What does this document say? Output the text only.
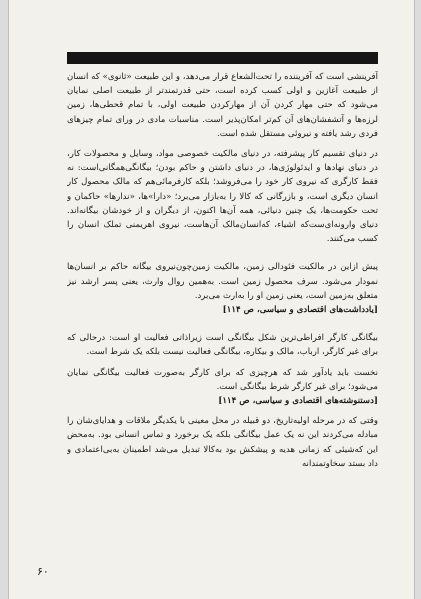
آفرینشی است که آفریننده را تحت‌الشعاع قرار می‌دهد، و این طبیعت «ثانوی» که انسان از طبیعت آغازین و اولی کسب کرده است، حتی قدرتمندتر از طبیعت اصلی نمایان می‌شود که حتی مهار کردن آن از مهارکردن طبیعت اولی، با تمام قحطی‌ها، زمین لرزه‌ها و آتشفشان‌های آن کم‌تر امکان‌پذیر است. مناسبات مادی در ورای تمام چیزهای فردی رشد یافته و نیروئی مستقل شده است.

در دنیای تقسیم کار پیشرفته، در دنیای مالکیت خصوصی مواد، وسایل و محصولات کار، در دنیای نهادها و ایدئولوژی‌ها، در دنیای داشتن و حاکم بودن؛ بیگانگی‌همگانی‌است: نه فقط کارگری که نیروی کار خود را می‌فروشد؛ بلکه کارفرمائی‌هم که مالک محصول کار انسان دیگری است، و بازرگانی که کالا را به‌بازار می‌برد؛ «دارا»ها، «ندارها» حاکمان و تحت حکومت‌ها، یک چنین دنیائی، همه آن‌ها اکنون، از دیگران و از خودشان بیگانه‌اند. دنیای وارونه‌ای‌ست‌که اشیاء، که‌انسان‌مالک آن‌هاست، نیروی اهریمنی تملک انسان را کسب می‌کنند.

پیش ازاین در مالکیت فئودالی زمین، مالکیت زمین‌چون‌نیروی بیگانه حاکم بر انسان‌ها نمودار می‌شود. سرف محصول زمین است. به‌همین روال وارث، یعنی پسر ارشد نیز متعلق به‌زمین است، یعنی زمین او را به‌ارث می‌برد.

[یادداشت‌های اقتصادی و سیاسی، ص ۱۱۴]

بیگانگی کارگر افراطی‌ترین شکل بیگانگی است زیراذاتی فعالیت او است: درحالی که برای غیر کارگر، ارباب، مالک و بیکاره، بیگانگی فعالیت نیست بلکه یک شرط است.

نخست باید یادآور شد که هرچیزی که برای کارگر به‌صورت فعالیت بیگانگی نمایان می‌شود؛ برای غیر کارگر شرط بیگانگی است.

[دستنوشته‌های اقتصادی و سیاسی، ص ۱۱۴]

وقتی که در مرحله اولیه‌تاریخ، دو قبیله در محل معینی با یکدیگر ملاقات و هدایای‌شان را مبادله می‌کردند این نه یک عمل بیگانگی بلکه یک برخورد و تماس انسانی بود. به‌محض این که‌شیئی که زمانی هدیه و پیشکش بود به‌کالا تبدیل می‌شد اطمینان به‌بی‌اعتمادی و داد بستد سخاوتمندانه

۶۰
